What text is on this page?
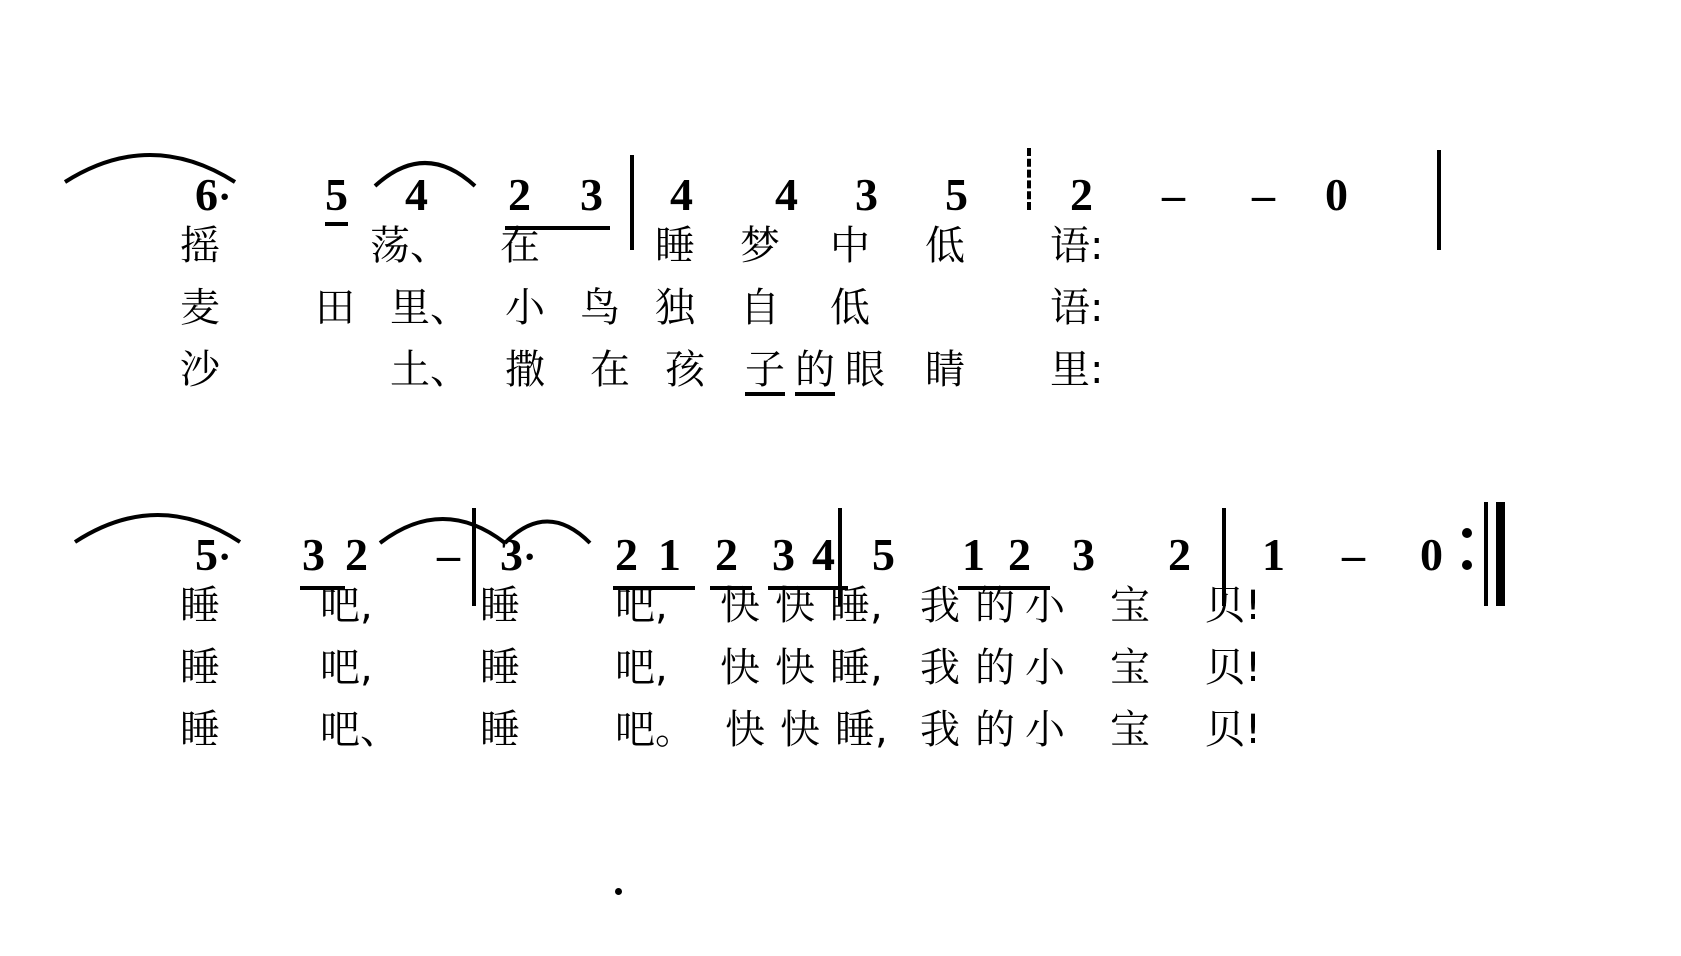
6· 5 4 2 3 4 4 3 5 2 – – 0
摇	荡、 在	睡 梦 中 低 语:
麦 田 里、 小 鸟 独 自 低	语:
沙	土、 撒 在 孩 子 的 眼 睛 里:
5· 3 2 – 3· 2 1 2 3 4 5 1 2 3 2 1 – 0
睡	吧,	睡 吧, 快 快 睡, 我 的 小 宝 贝!
睡	吧,	睡 吧, 快 快 睡, 我 的 小 宝 贝!
睡	吧、 睡 吧。 快 快 睡, 我 的 小 宝 贝!
